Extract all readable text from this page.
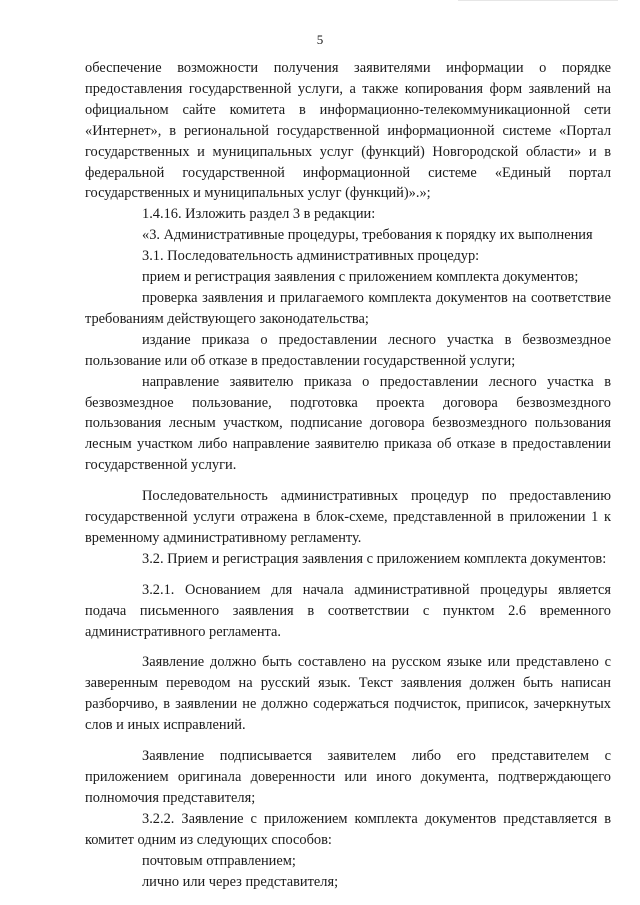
5

обеспечение возможности получения заявителями информации о порядке предоставления государственной услуги, а также копирования форм заявлений на официальном сайте комитета в информационно-телекоммуникационной сети «Интернет», в региональной государственной информационной системе «Портал государственных и муниципальных услуг (функций) Новгородской области» и в федеральной государственной информационной системе «Единый портал государственных и муниципальных услуг (функций)».»;

1.4.16. Изложить раздел 3 в редакции:

«3. Административные процедуры, требования к порядку их выполнения

3.1. Последовательность административных процедур:

прием и регистрация заявления с приложением комплекта документов;

проверка заявления и прилагаемого комплекта документов на соответствие требованиям действующего законодательства;

издание приказа о предоставлении лесного участка в безвозмездное пользование или об отказе в предоставлении государственной услуги;

направление заявителю приказа о предоставлении лесного участка в безвозмездное пользование, подготовка проекта договора безвозмездного пользования лесным участком, подписание договора безвозмездного пользования лесным участком либо направление заявителю приказа об отказе в предоставлении государственной услуги.

Последовательность административных процедур по предоставлению государственной услуги отражена в блок-схеме, представленной в приложении 1 к временному административному регламенту.

3.2. Прием и регистрация заявления с приложением комплекта документов:

3.2.1. Основанием для начала административной процедуры является подача письменного заявления в соответствии с пунктом 2.6 временного административного регламента.

Заявление должно быть составлено на русском языке или представлено с заверенным переводом на русский язык. Текст заявления должен быть написан разборчиво, в заявлении не должно содержаться подчисток, приписок, зачеркнутых слов и иных исправлений.

Заявление подписывается заявителем либо его представителем с приложением оригинала доверенности или иного документа, подтверждающего полномочия представителя;

3.2.2. Заявление с приложением комплекта документов представляется в комитет одним из следующих способов:

почтовым отправлением;

лично или через представителя;
